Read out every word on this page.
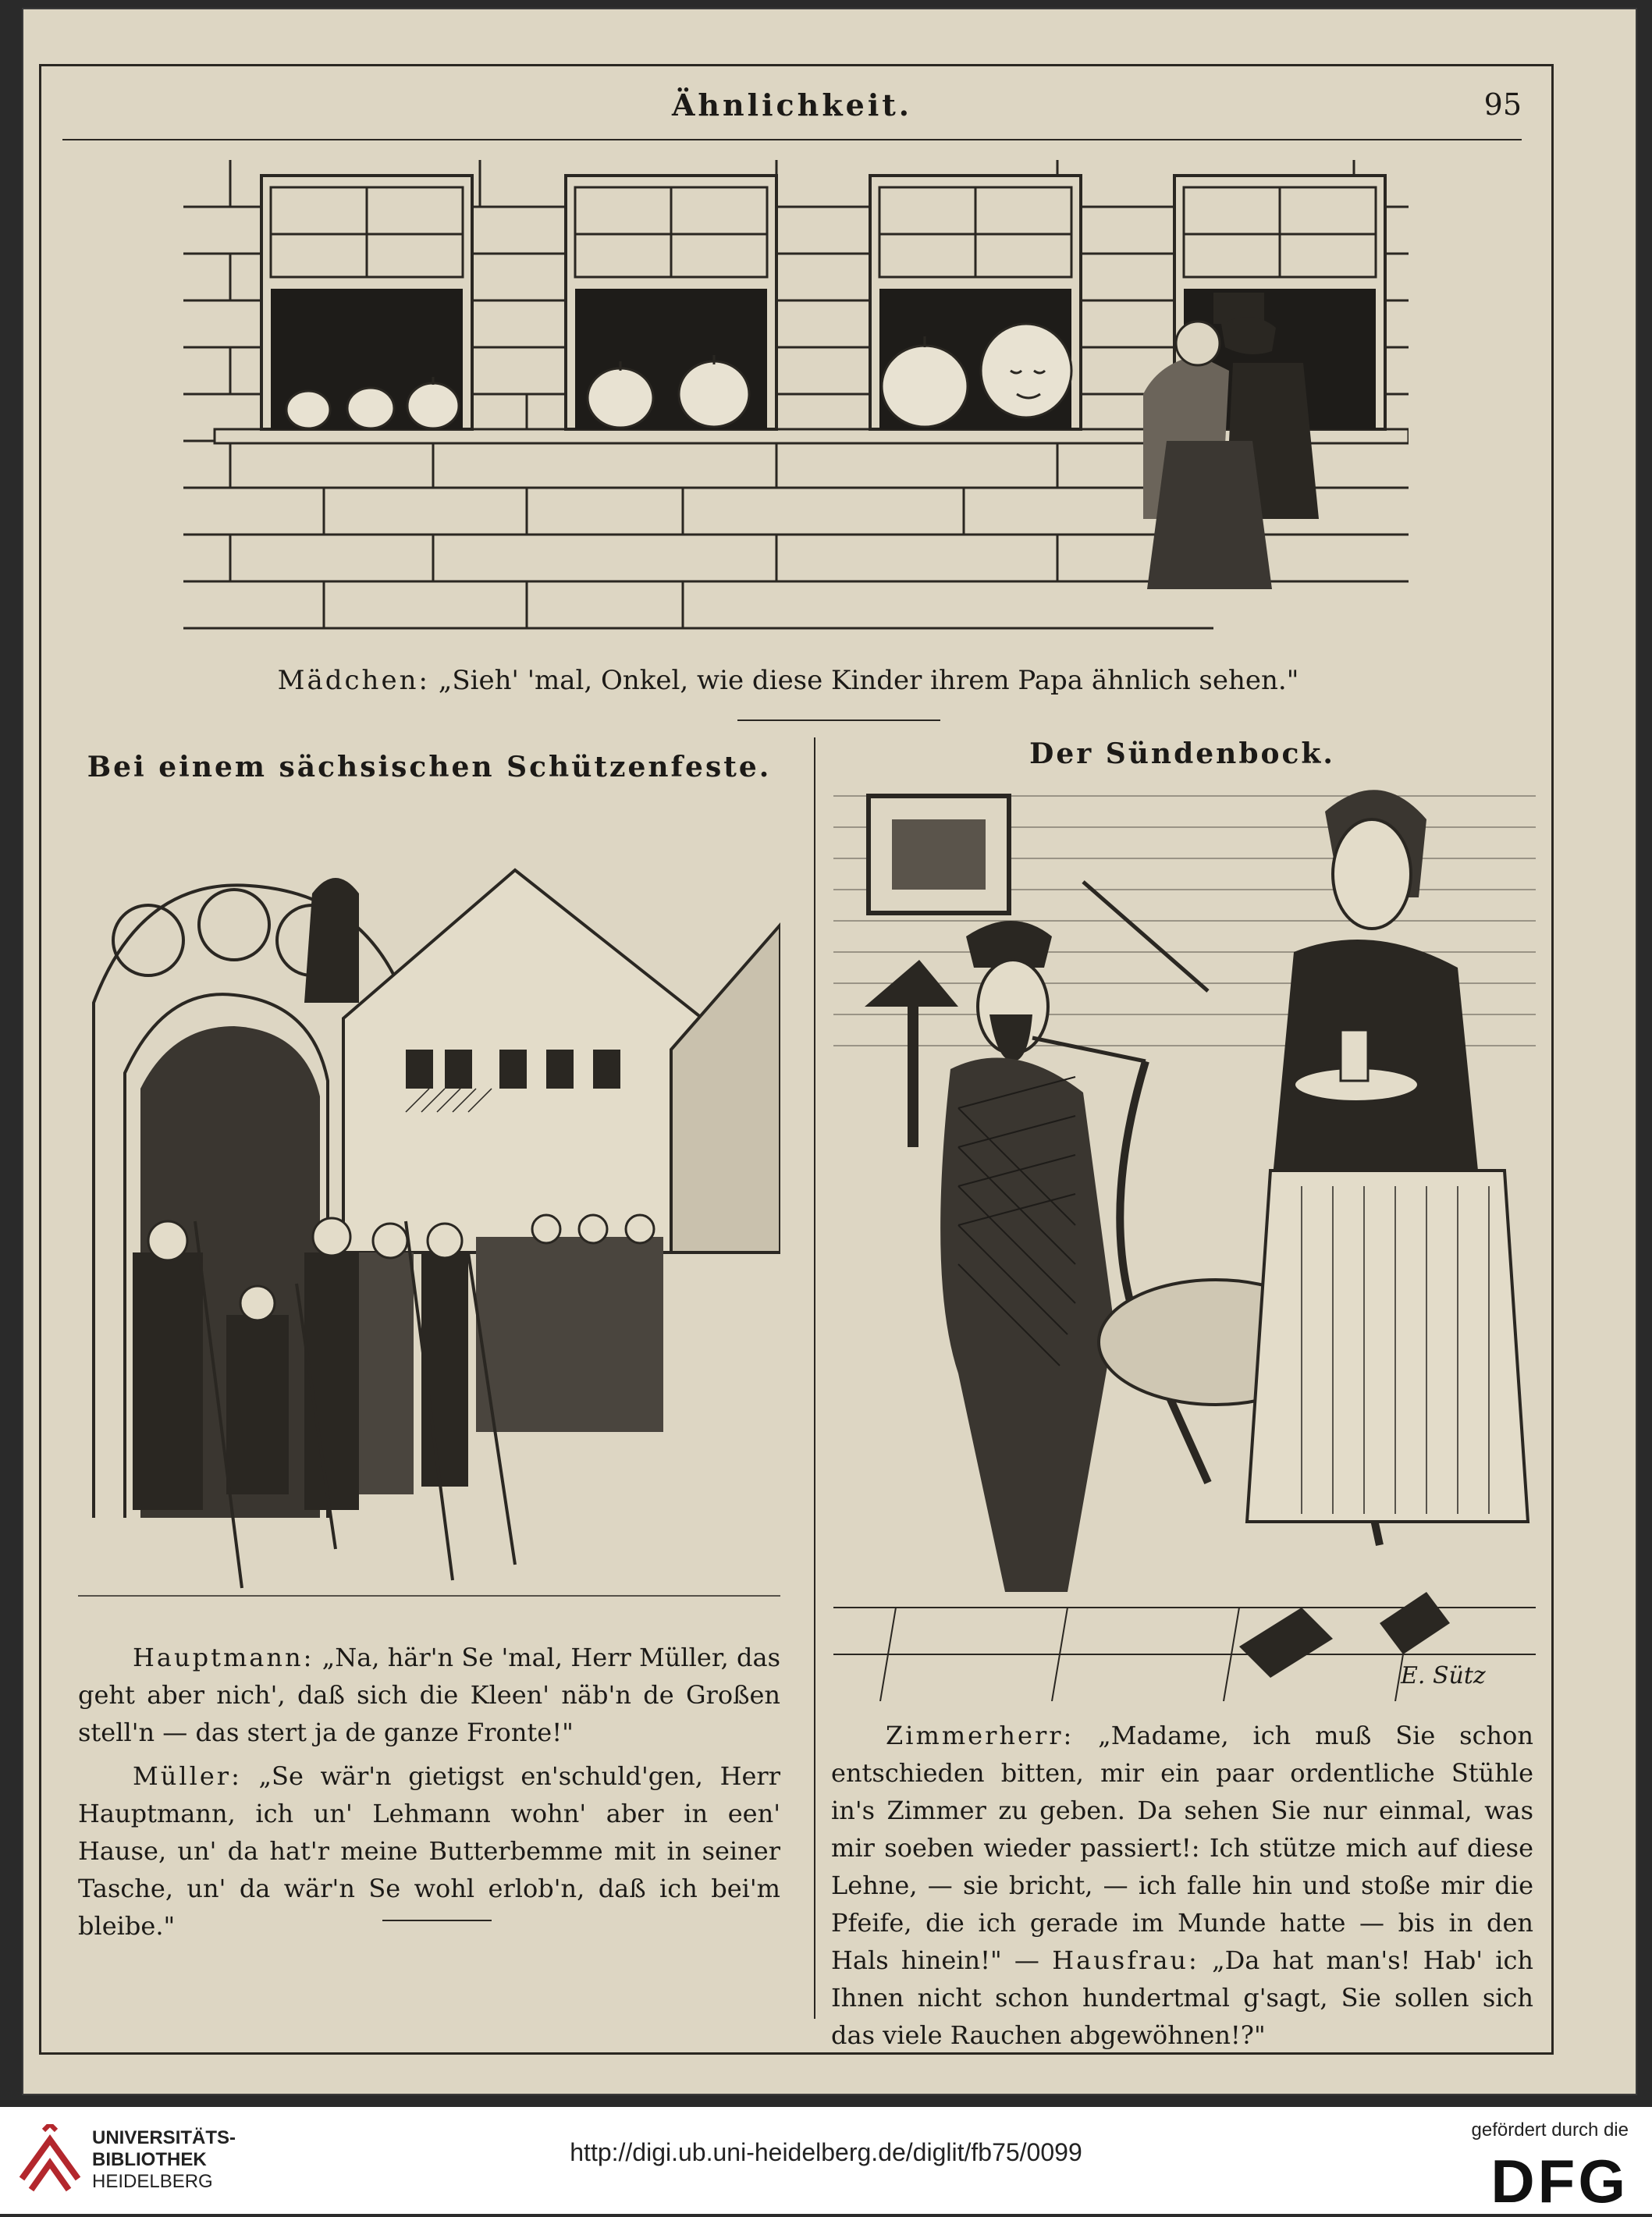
Ähnlichkeit.	95
Mädchen: „Sieh' 'mal, Onkel, wie diese Kinder ihrem Papa ähnlich sehen."
Bei einem sächsischen Schützenfeste.

Hauptmann: „Na, här'n Se 'mal, Herr Müller, das geht aber nich', daß sich die Kleen' näb'n de Großen stell'n — das stert ja de ganze Fronte!"

Müller: „Se wär'n gietigst en'schuld'gen, Herr Hauptmann, ich un' Lehmann wohn' aber in een' Hause, un' da hat'r meine Butterbemme mit in seiner Tasche, un' da wär'n Se wohl erlob'n, daß ich bei'm bleibe."

Der Sündenbock.
E. Sütz

Zimmerherr: „Madame, ich muß Sie schon entschieden bitten, mir ein paar ordentliche Stühle in's Zimmer zu geben. Da sehen Sie nur einmal, was mir soeben wieder passiert!: Ich stütze mich auf diese Lehne, — sie bricht, — ich falle hin und stoße mir die Pfeife, die ich gerade im Munde hatte — bis in den Hals hinein!" — Hausfrau: „Da hat man's! Hab' ich Ihnen nicht schon hundertmal g'sagt, Sie sollen sich das viele Rauchen abgewöhnen!?"

UNIVERSITÄTS-
BIBLIOTHEK
HEIDELBERG
http://digi.ub.uni-heidelberg.de/diglit/fb75/0099
gefördert durch die
DFG
